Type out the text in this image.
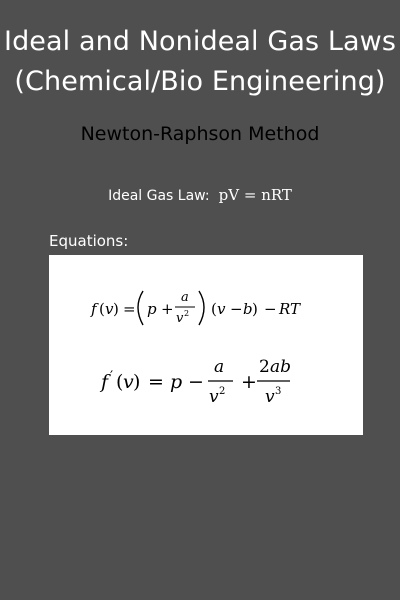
Ideal and Nonideal Gas Laws
(Chemical/Bio Engineering)
Newton-Raphson Method
Ideal Gas Law: pV = nRT
Equations:
f ( v ) = p +
a
v 2 ( v − b ) − RT
f ′ ( v ) = p −
a
v 2 +
2 ab
v 3
